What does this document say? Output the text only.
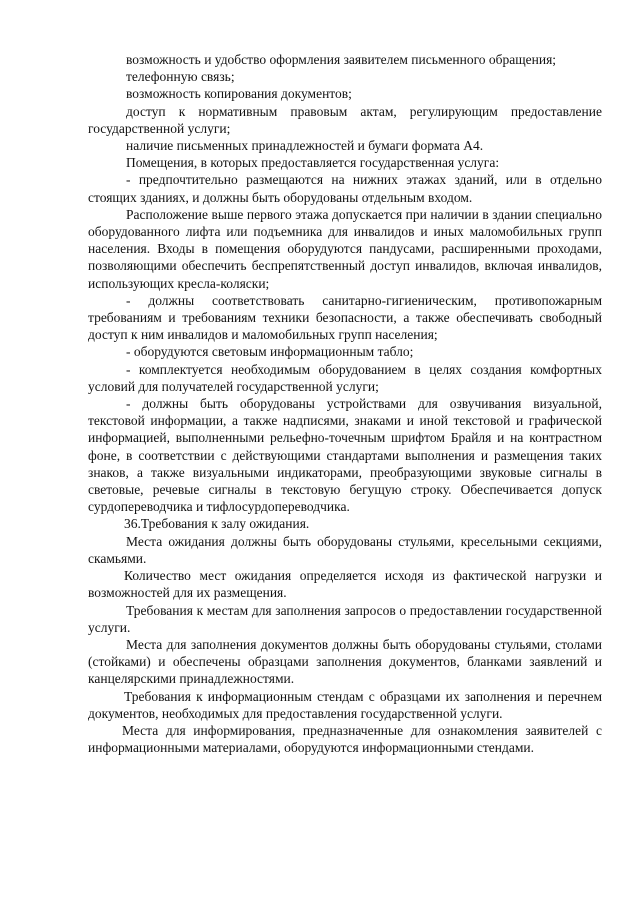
возможность и удобство оформления заявителем письменного обращения;

телефонную связь;

возможность копирования документов;

доступ к нормативным правовым актам, регулирующим предоставление государственной услуги;

наличие письменных принадлежностей и бумаги формата А4.

Помещения, в которых предоставляется государственная услуга:

- предпочтительно размещаются на нижних этажах зданий, или в отдельно стоящих зданиях, и должны быть оборудованы отдельным входом.

Расположение выше первого этажа допускается при наличии в здании специально оборудованного лифта или подъемника для инвалидов и иных маломобильных групп населения. Входы в помещения оборудуются пандусами, расширенными проходами, позволяющими обеспечить беспрепятственный доступ инвалидов, включая инвалидов, использующих кресла-коляски;

- должны соответствовать санитарно-гигиеническим, противопожарным требованиям и требованиям техники безопасности, а также обеспечивать свободный доступ к ним инвалидов и маломобильных групп населения;

- оборудуются световым информационным табло;

- комплектуется необходимым оборудованием в целях создания комфортных условий для получателей государственной услуги;

- должны быть оборудованы устройствами для озвучивания визуальной, текстовой информации, а также надписями, знаками и иной текстовой и графической информацией, выполненными рельефно-точечным шрифтом Брайля и на контрастном фоне, в соответствии с действующими стандартами выполнения и размещения таких знаков, а также визуальными индикаторами, преобразующими звуковые сигналы в световые, речевые сигналы в текстовую бегущую строку. Обеспечивается допуск сурдопереводчика и тифлосурдопереводчика.

36.Требования к залу ожидания.

Места ожидания должны быть оборудованы стульями, кресельными секциями, скамьями.

Количество мест ожидания определяется исходя из фактической нагрузки и возможностей для их размещения.

Требования к местам для заполнения запросов о предоставлении государственной услуги.

Места для заполнения документов должны быть оборудованы стульями, столами (стойками) и обеспечены образцами заполнения документов, бланками заявлений и канцелярскими принадлежностями.

Требования к информационным стендам с образцами их заполнения и перечнем документов, необходимых для предоставления государственной услуги.

Места для информирования, предназначенные для ознакомления заявителей с информационными материалами, оборудуются информационными стендами.
